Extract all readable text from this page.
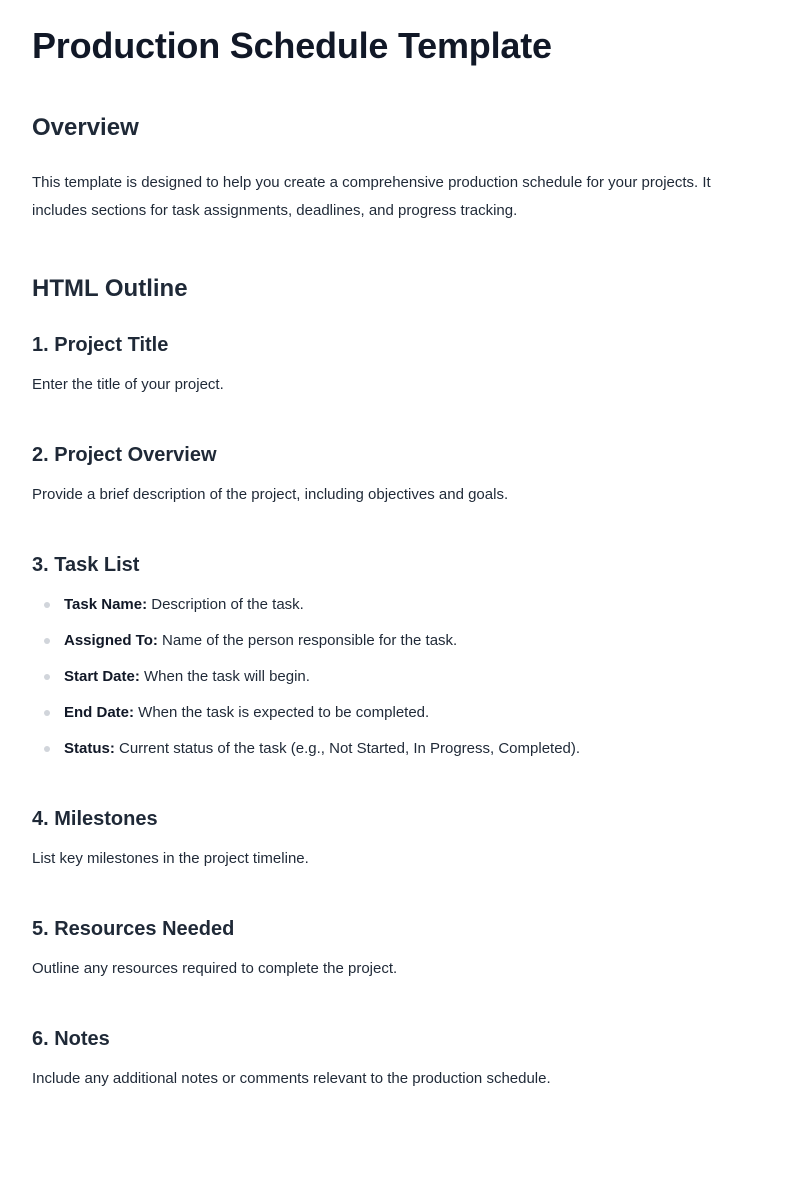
Production Schedule Template
Overview

This template is designed to help you create a comprehensive production schedule for your projects. It includes sections for task assignments, deadlines, and progress tracking.

HTML Outline
1. Project Title

Enter the title of your project.

2. Project Overview

Provide a brief description of the project, including objectives and goals.

3. Task List
Task Name: Description of the task.
Assigned To: Name of the person responsible for the task.
Start Date: When the task will begin.
End Date: When the task is expected to be completed.
Status: Current status of the task (e.g., Not Started, In Progress, Completed).
4. Milestones

List key milestones in the project timeline.

5. Resources Needed

Outline any resources required to complete the project.

6. Notes

Include any additional notes or comments relevant to the production schedule.
